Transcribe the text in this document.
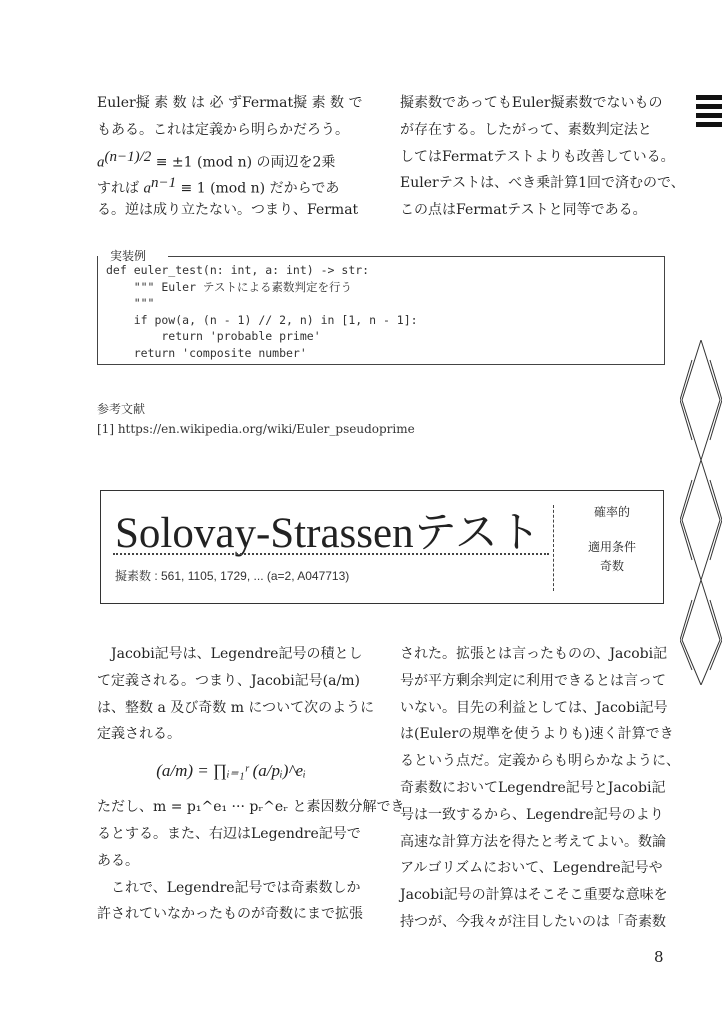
Euler擬 素 数 は 必 ずFermat擬 素 数 で
もある。これは定義から明らかだろう。
$a^{(n-1)/2} \equiv \pm 1$ (mod n) の両辺を2乗
すれば $a^{n-1} \equiv 1$ (mod n) だからであ
る。逆は成り立たない。つまり、Fermat
擬素数であってもEuler擬素数でないもの
が存在する。したがって、素数判定法と
してはFermatテストよりも改善している。
Eulerテストは、べき乗計算1回で済むので、
この点はFermatテストと同等である。
実装例
def euler_test(n: int, a: int) -> str:
""" Euler テストによる素数判定を行う
"""
if pow(a, (n - 1) // 2, n) in [1, n - 1]:
return 'probable prime'
return 'composite number'
参考文献
[1] https://en.wikipedia.org/wiki/Euler_pseudoprime
Solovay-Strassenテスト
擬素数 : 561, 1105, 1729, ... (a=2, A047713)
確率的
適用条件
奇数
　Jacobi記号は、Legendre記号の積とし
て定義される。つまり、Jacobi記号(a/m)
は、整数 a 及び奇数 m について次のように
定義される。
(a/m) = ∏ᵢ₌₁ʳ (a/pᵢ)^eᵢ
ただし、m = p₁^e₁ ··· pᵣ^eᵣ と素因数分解でき
るとする。また、右辺はLegendre記号で
ある。
　これで、Legendre記号では奇素数しか
許されていなかったものが奇数にまで拡張
された。拡張とは言ったものの、Jacobi記
号が平方剰余判定に利用できるとは言って
いない。目先の利益としては、Jacobi記号
は(Eulerの規準を使うよりも)速く計算でき
るという点だ。定義からも明らかなように、
奇素数においてLegendre記号とJacobi記
号は一致するから、Legendre記号のより
高速な計算方法を得たと考えてよい。数論
アルゴリズムにおいて、Legendre記号や
Jacobi記号の計算はそこそこ重要な意味を
持つが、今我々が注目したいのは「奇素数
8
